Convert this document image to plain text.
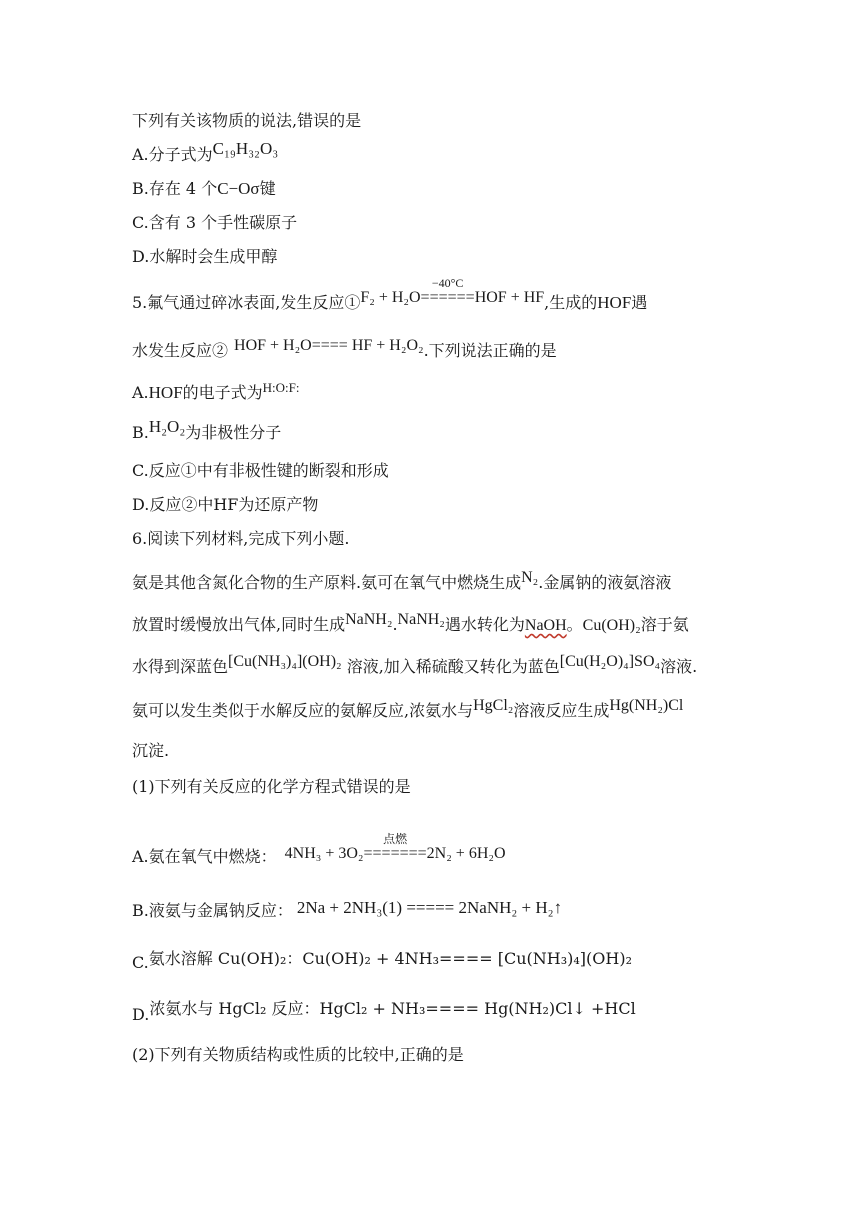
下列有关该物质的说法,错误的是
A.分子式为C₁₉H₃₂O₃
B.存在 4 个C−Oσ键
C.含有 3 个手性碳原子
D.水解时会生成甲醇
5.氟气通过碎冰表面,发生反应①F₂ + H₂O
−40°C
======HOF + HF,生成的HOF遇
水发生反应② HOF + H₂O==== HF + H₂O₂.下列说法正确的是
A.HOF的电子式为$^{H:O:F:}$
B.H₂O₂为非极性分子
C.反应①中有非极性键的断裂和形成
D.反应②中HF为还原产物
6.阅读下列材料,完成下列小题.
氨是其他含氮化合物的生产原料.氨可在氧气中燃烧生成N₂.金属钠的液氨溶液
放置时缓慢放出气体,同时生成NaNH₂.NaNH₂遇水转化为NaOH。Cu(OH)₂溶于氨
水得到深蓝色[Cu(NH₃)₄](OH)₂ 溶液,加入稀硫酸又转化为蓝色[Cu(H₂O)₄]SO₄溶液.
氨可以发生类似于水解反应的氨解反应,浓氨水与HgCl₂溶液反应生成Hg(NH₂)Cl
沉淀.
(1)下列有关反应的化学方程式错误的是
A.氨在氧气中燃烧： 4NH₃ + 3O₂
点燃
=======2N₂ + 6H₂O
B.液氨与金属钠反应： 2Na + 2NH₃(1) ===== 2NaNH₂ + H₂↑
C.氨水溶解 Cu(OH)₂：Cu(OH)₂ + 4NH₃==== [Cu(NH₃)₄](OH)₂
D.浓氨水与 HgCl₂ 反应：HgCl₂ + NH₃==== Hg(NH₂)Cl↓ +HCl
(2)下列有关物质结构或性质的比较中,正确的是
